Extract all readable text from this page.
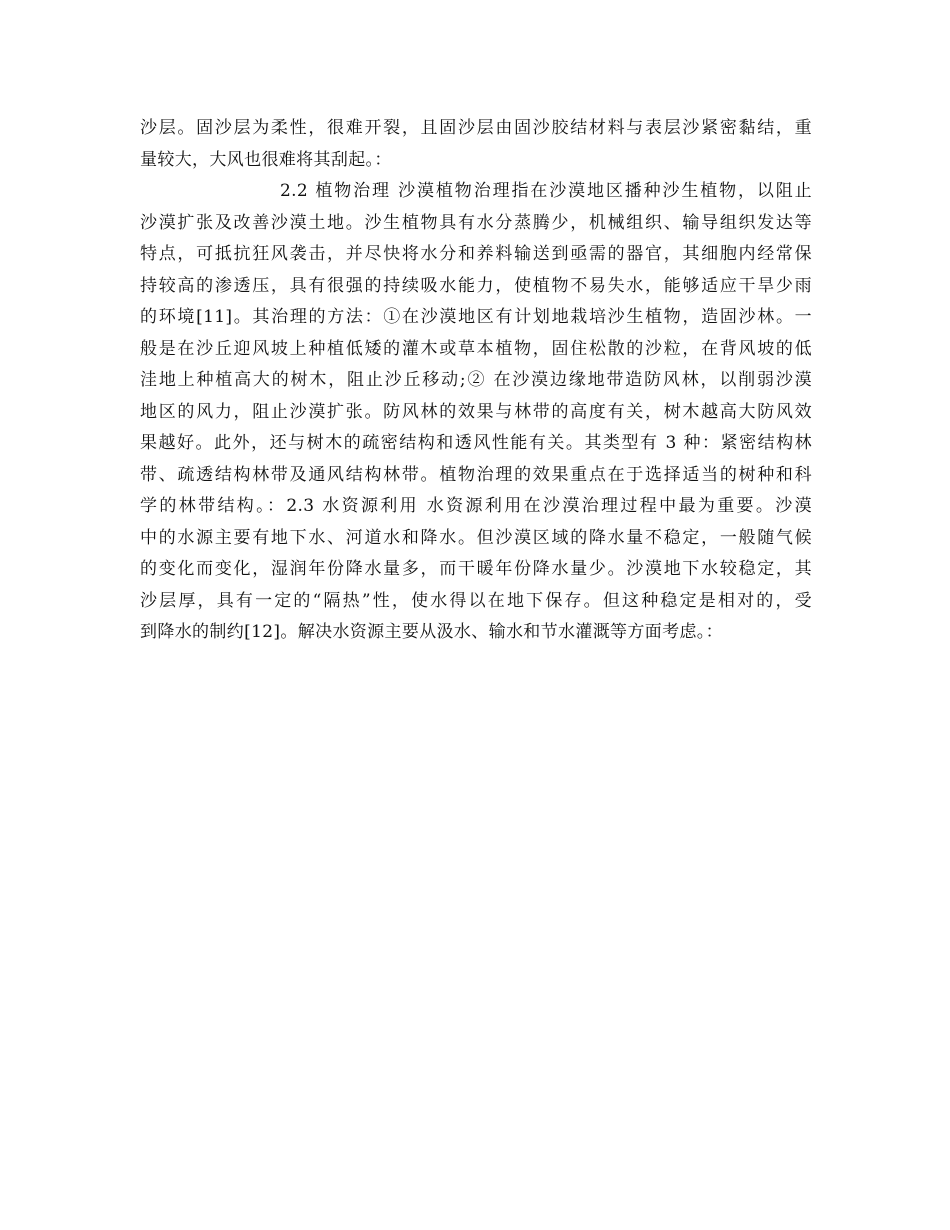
沙层。固沙层为柔性，很难开裂，且固沙层由固沙胶结材料与表层沙紧密黏结，重
量较大，大风也很难将其刮起。：
2.2 植物治理 沙漠植物治理指在沙漠地区播种沙生植物，以阻止
沙漠扩张及改善沙漠土地。沙生植物具有水分蒸腾少，机械组织、输导组织发达等
特点，可抵抗狂风袭击，并尽快将水分和养料输送到亟需的器官，其细胞内经常保
持较高的渗透压，具有很强的持续吸水能力，使植物不易失水，能够适应干旱少雨
的环境[11]。其治理的方法：①在沙漠地区有计划地栽培沙生植物，造固沙林。一
般是在沙丘迎风坡上种植低矮的灌木或草本植物，固住松散的沙粒，在背风坡的低
洼地上种植高大的树木，阻止沙丘移动;② 在沙漠边缘地带造防风林，以削弱沙漠
地区的风力，阻止沙漠扩张。防风林的效果与林带的高度有关，树木越高大防风效
果越好。此外，还与树木的疏密结构和透风性能有关。其类型有 3 种：紧密结构林
带、疏透结构林带及通风结构林带。植物治理的效果重点在于选择适当的树种和科
学的林带结构。：2.3 水资源利用 水资源利用在沙漠治理过程中最为重要。沙漠
中的水源主要有地下水、河道水和降水。但沙漠区域的降水量不稳定，一般随气候
的变化而变化，湿润年份降水量多，而干暖年份降水量少。沙漠地下水较稳定，其
沙层厚，具有一定的“隔热”性，使水得以在地下保存。但这种稳定是相对的，受
到降水的制约[12]。解决水资源主要从汲水、输水和节水灌溉等方面考虑。：
